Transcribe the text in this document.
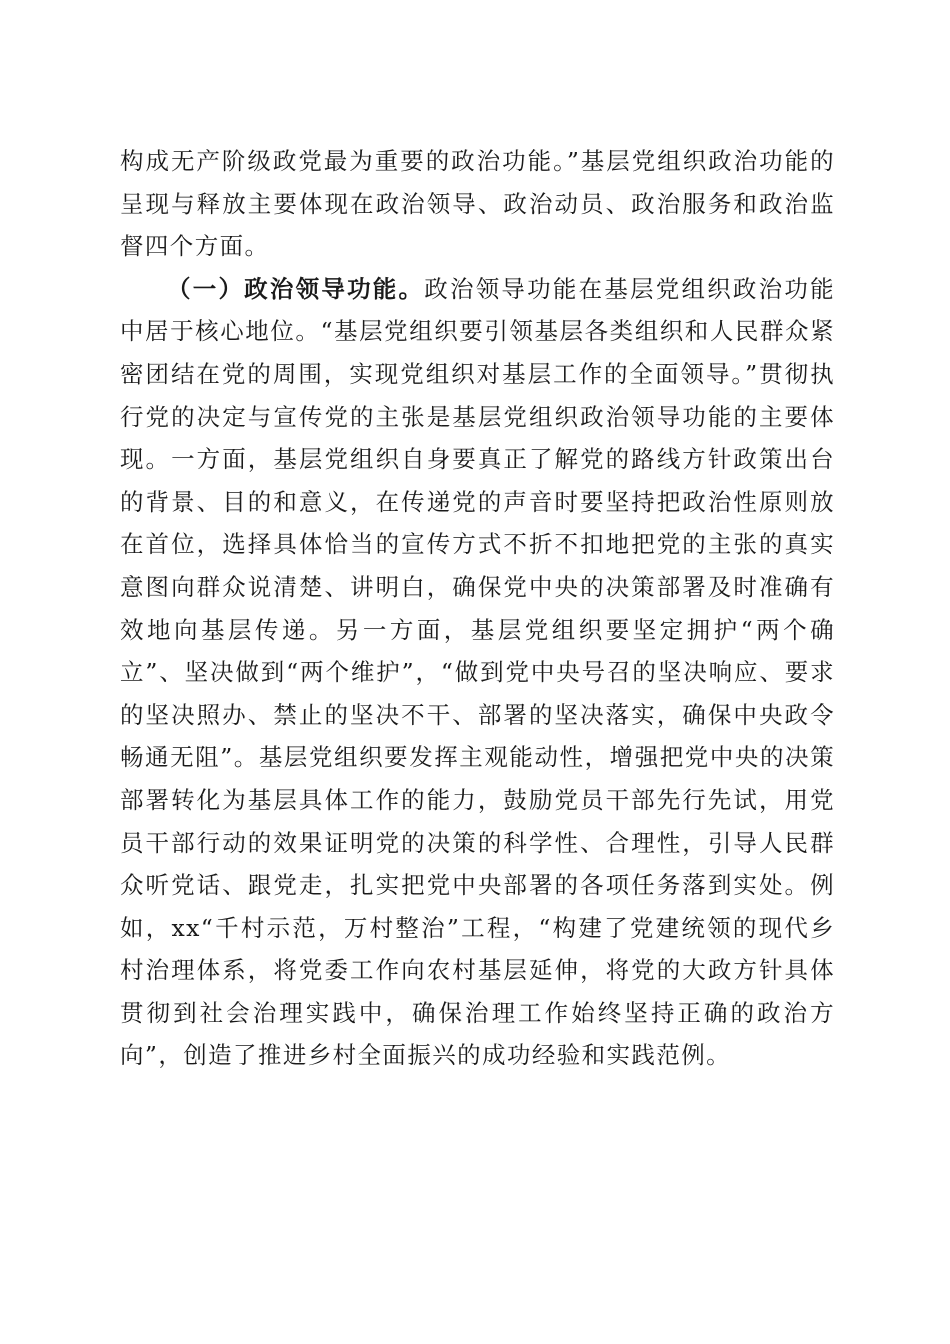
构成无产阶级政党最为重要的政治功能。”基层党组织政治功能的呈现与释放主要体现在政治领导、政治动员、政治服务和政治监督四个方面。

（一）政治领导功能。政治领导功能在基层党组织政治功能中居于核心地位。“基层党组织要引领基层各类组织和人民群众紧密团结在党的周围，实现党组织对基层工作的全面领导。”贯彻执行党的决定与宣传党的主张是基层党组织政治领导功能的主要体现。一方面，基层党组织自身要真正了解党的路线方针政策出台的背景、目的和意义，在传递党的声音时要坚持把政治性原则放在首位，选择具体恰当的宣传方式不折不扣地把党的主张的真实意图向群众说清楚、讲明白，确保党中央的决策部署及时准确有效地向基层传递。另一方面，基层党组织要坚定拥护“两个确立”、坚决做到“两个维护”，“做到党中央号召的坚决响应、要求的坚决照办、禁止的坚决不干、部署的坚决落实，确保中央政令畅通无阻”。基层党组织要发挥主观能动性，增强把党中央的决策部署转化为基层具体工作的能力，鼓励党员干部先行先试，用党员干部行动的效果证明党的决策的科学性、合理性，引导人民群众听党话、跟党走，扎实把党中央部署的各项任务落到实处。例如，xx“千村示范，万村整治”工程，“构建了党建统领的现代乡村治理体系，将党委工作向农村基层延伸，将党的大政方针具体贯彻到社会治理实践中，确保治理工作始终坚持正确的政治方向”，创造了推进乡村全面振兴的成功经验和实践范例。
